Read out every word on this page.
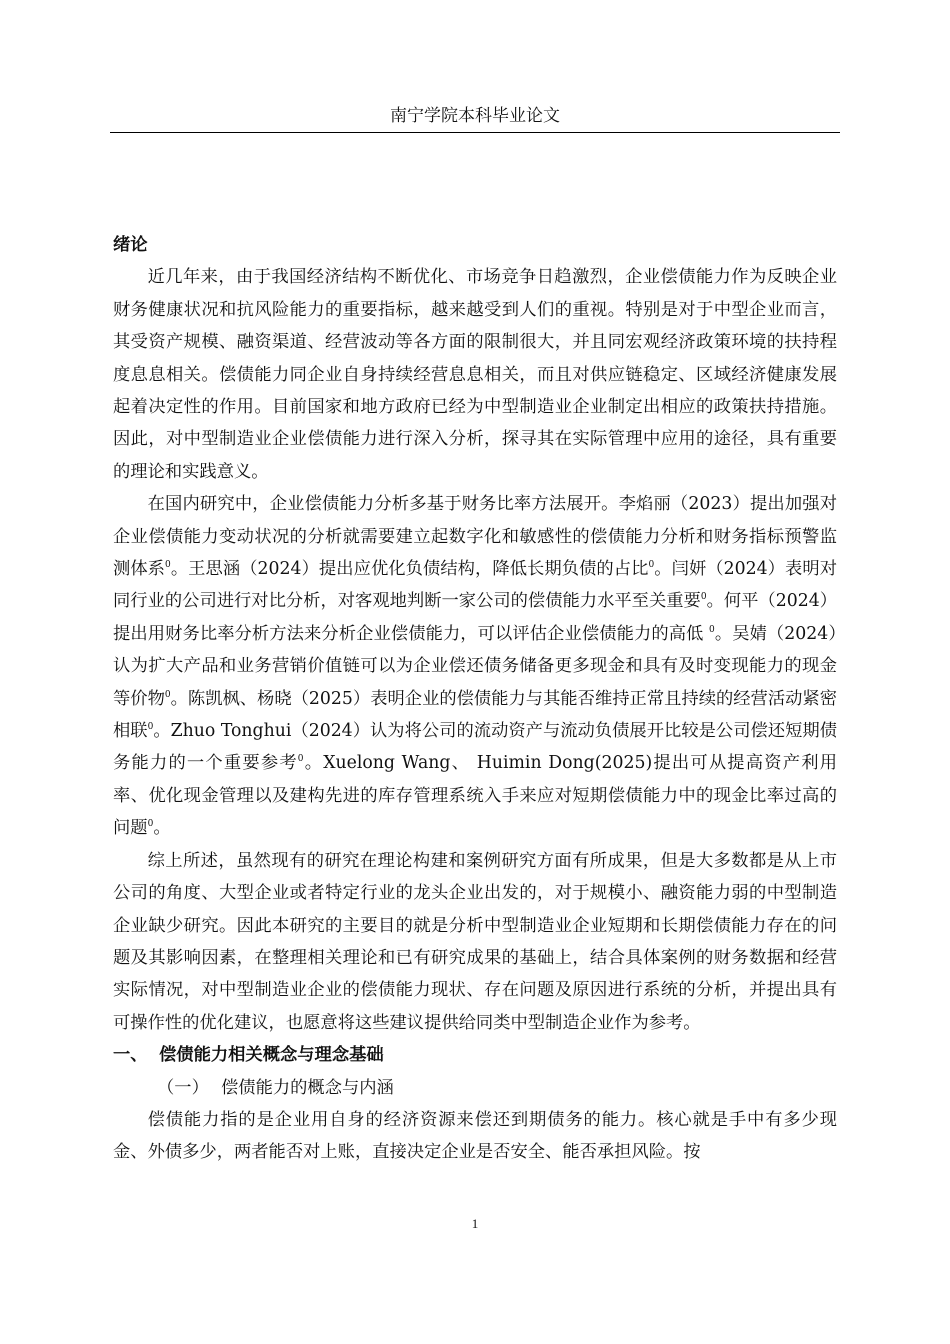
南宁学院本科毕业论文

绪论

近几年来，由于我国经济结构不断优化、市场竞争日趋激烈，企业偿债能力作为反映企业财务健康状况和抗风险能力的重要指标，越来越受到人们的重视。特别是对于中型企业而言，其受资产规模、融资渠道、经营波动等各方面的限制很大，并且同宏观经济政策环境的扶持程度息息相关。偿债能力同企业自身持续经营息息相关，而且对供应链稳定、区域经济健康发展起着决定性的作用。目前国家和地方政府已经为中型制造业企业制定出相应的政策扶持措施。因此，对中型制造业企业偿债能力进行深入分析，探寻其在实际管理中应用的途径，具有重要的理论和实践意义。

在国内研究中，企业偿债能力分析多基于财务比率方法展开。李焰丽（2023）提出加强对企业偿债能力变动状况的分析就需要建立起数字化和敏感性的偿债能力分析和财务指标预警监测体系$^0$。王思涵（2024）提出应优化负债结构，降低长期负债的占比$^0$。闫妍（2024）表明对同行业的公司进行对比分析，对客观地判断一家公司的偿债能力水平至关重要$^0$。何平（2024）提出用财务比率分析方法来分析企业偿债能力，可以评估企业偿债能力的高低 $^0$。吴婧（2024）认为扩大产品和业务营销价值链可以为企业偿还债务储备更多现金和具有及时变现能力的现金等价物$^0$。陈凯枫、杨晓（2025）表明企业的偿债能力与其能否维持正常且持续的经营活动紧密相联$^0$。Zhuo Tonghui（2024）认为将公司的流动资产与流动负债展开比较是公司偿还短期债务能力的一个重要参考$^0$。Xuelong Wang、 Huimin Dong(2025)提出可从提高资产利用率、优化现金管理以及建构先进的库存管理系统入手来应对短期偿债能力中的现金比率过高的问题$^0$。

综上所述，虽然现有的研究在理论构建和案例研究方面有所成果，但是大多数都是从上市公司的角度、大型企业或者特定行业的龙头企业出发的，对于规模小、融资能力弱的中型制造企业缺少研究。因此本研究的主要目的就是分析中型制造业企业短期和长期偿债能力存在的问题及其影响因素，在整理相关理论和已有研究成果的基础上，结合具体案例的财务数据和经营实际情况，对中型制造业企业的偿债能力现状、存在问题及原因进行系统的分析，并提出具有可操作性的优化建议，也愿意将这些建议提供给同类中型制造企业作为参考。

一、 偿债能力相关概念与理念基础

（一） 偿债能力的概念与内涵

偿债能力指的是企业用自身的经济资源来偿还到期债务的能力。核心就是手中有多少现金、外债多少，两者能否对上账，直接决定企业是否安全、能否承担风险。按

1
